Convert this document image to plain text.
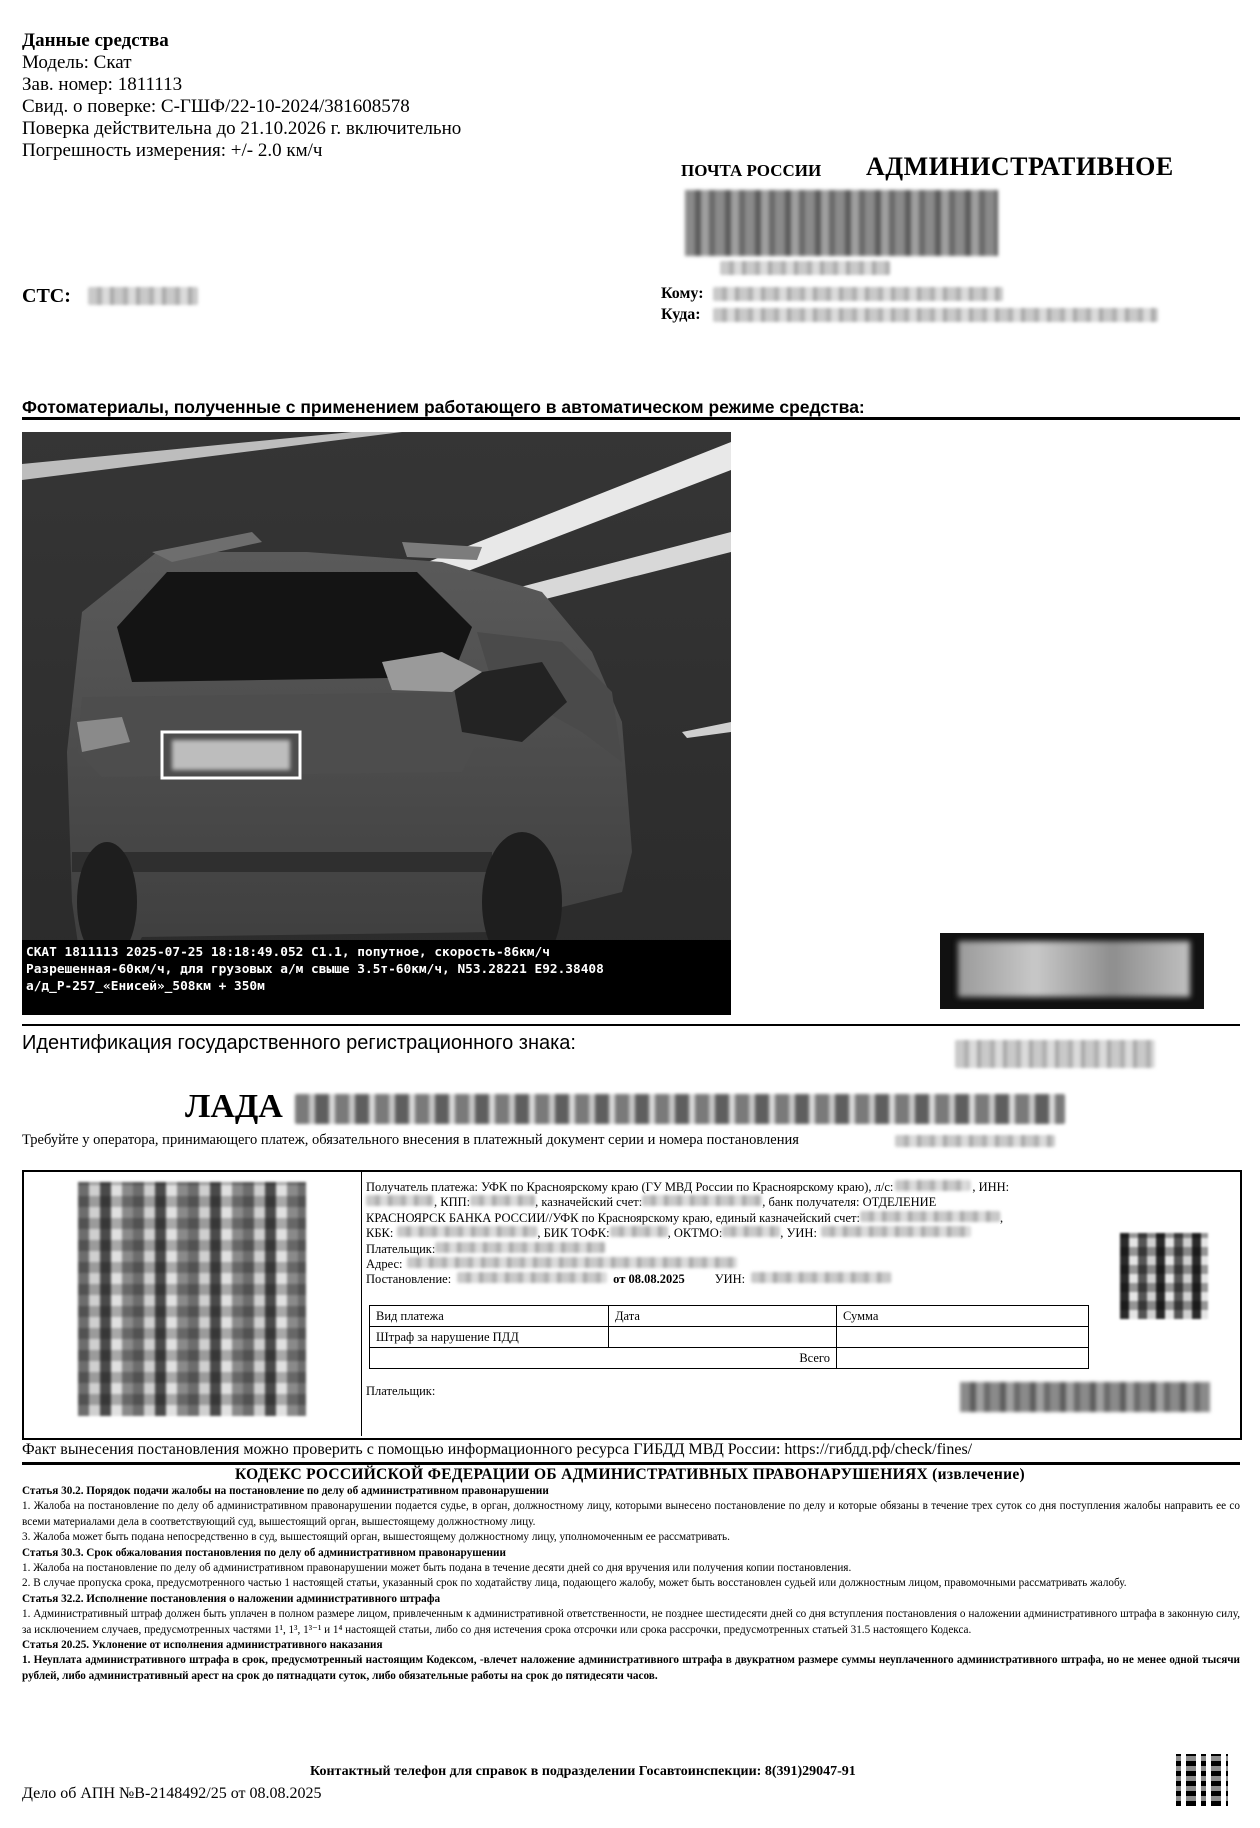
Данные средства
Модель: Скат
Зав. номер: 1811113
Свид. о поверке: С-ГШФ/22-10-2024/381608578
Поверка действительна до 21.10.2026 г. включительно
Погрешность измерения: +/- 2.0 км/ч
СТС:
ПОЧТА РОССИИ АДМИНИСТРАТИВНОЕ
Кому:
Куда:
Фотоматериалы, полученные с применением работающего в автоматическом режиме средства:
СКАТ 1811113 2025-07-25 18:18:49.052 С1.1, попутное, скорость-86км/ч
Разрешенная-60км/ч, для грузовых а/м свыше 3.5т-60км/ч, N53.28221 E92.38408
а/д_Р-257_«Енисей»_508км + 350м
Идентификация государственного регистрационного знака:
ЛАДА
Требуйте у оператора, принимающего платеж, обязательного внесения в платежный документ серии и номера постановления
Получатель платежа: УФК по Красноярскому краю (ГУ МВД России по Красноярскому краю), л/с:	, ИНН:
, КПП:	, казначейский счет:	, банк получателя: ОТДЕЛЕНИЕ
КРАСНОЯРСК БАНКА РОССИИ//УФК по Красноярскому краю, единый казначейский счет:	,
КБК:	, БИК ТОФК:	, ОКТМО:	, УИН:
Плательщик:
Адрес:
Постановление:	от 08.08.2025 УИН:
Вид платежа	Дата	Сумма
Штраф за нарушение ПДД		
Всего		
Плательщик:
Факт вынесения постановления можно проверить с помощью информационного ресурса ГИБДД МВД России: https://гибдд.рф/check/fines/
КОДЕКС РОССИЙСКОЙ ФЕДЕРАЦИИ ОБ АДМИНИСТРАТИВНЫХ ПРАВОНАРУШЕНИЯХ (извлечение)

Статья 30.2. Порядок подачи жалобы на постановление по делу об административном правонарушении

1. Жалоба на постановление по делу об административном правонарушении подается судье, в орган, должностному лицу, которыми вынесено постановление по делу и которые обязаны в течение трех суток со дня поступления жалобы направить ее со всеми материалами дела в соответствующий суд, вышестоящий орган, вышестоящему должностному лицу.

3. Жалоба может быть подана непосредственно в суд, вышестоящий орган, вышестоящему должностному лицу, уполномоченным ее рассматривать.

Статья 30.3. Срок обжалования постановления по делу об административном правонарушении

1. Жалоба на постановление по делу об административном правонарушении может быть подана в течение десяти дней со дня вручения или получения копии постановления.

2. В случае пропуска срока, предусмотренного частью 1 настоящей статьи, указанный срок по ходатайству лица, подающего жалобу, может быть восстановлен судьей или должностным лицом, правомочными рассматривать жалобу.

Статья 32.2. Исполнение постановления о наложении административного штрафа

1. Административный штраф должен быть уплачен в полном размере лицом, привлеченным к административной ответственности, не позднее шестидесяти дней со дня вступления постановления о наложении административного штрафа в законную силу, за исключением случаев, предусмотренных частями 1¹, 1³, 1³⁻¹ и 1⁴ настоящей статьи, либо со дня истечения срока отсрочки или срока рассрочки, предусмотренных статьей 31.5 настоящего Кодекса.

Статья 20.25. Уклонение от исполнения административного наказания

1. Неуплата административного штрафа в срок, предусмотренный настоящим Кодексом, -влечет наложение административного штрафа в двукратном размере суммы неуплаченного административного штрафа, но не менее одной тысячи рублей, либо административный арест на срок до пятнадцати суток, либо обязательные работы на срок до пятидесяти часов.

Контактный телефон для справок в подразделении Госавтоинспекции: 8(391)29047-91
Дело об АПН №В-2148492/25 от 08.08.2025
